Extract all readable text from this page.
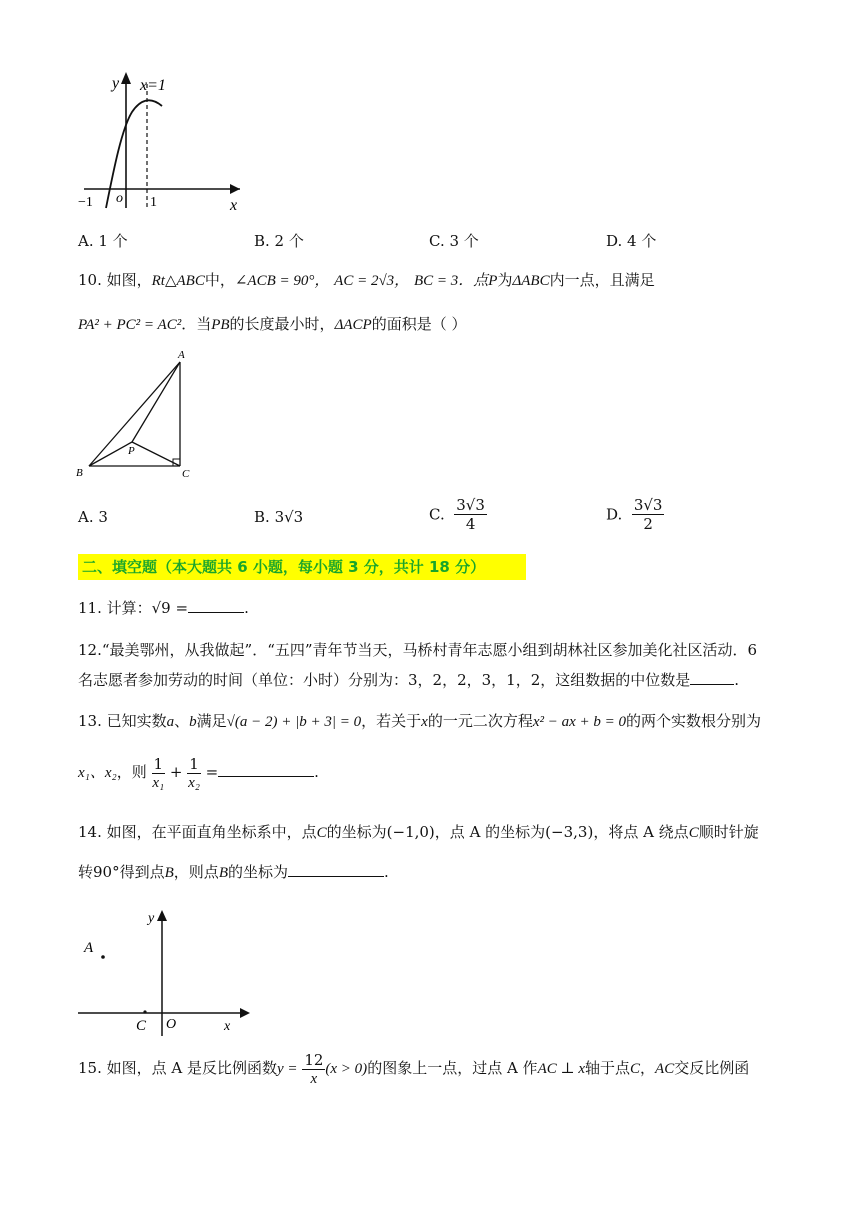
y
x
x=1
o
−1	1
A. 1 个	B. 2 个	C. 3 个	D. 4 个
10. 如图，Rt△ABC中，∠ACB = 90°， AC = 2√3， BC = 3．点P为ΔABC内一点，且满足
PA² + PC² = AC²．当PB的长度最小时，ΔACP的面积是（ ）
A
B	C
P
A. 3	B. 3√3	C. $\frac{3√3}{4}$	D. $\frac{3√3}{2}$
二、填空题（本大题共 6 小题，每小题 3 分，共计 18 分）
11. 计算：√9 =	.
12.“最美鄂州，从我做起”．“五四”青年节当天，马桥村青年志愿小组到胡林社区参加美化社区活动．6
名志愿者参加劳动的时间（单位：小时）分别为：3，2，2，3，1，2，这组数据的中位数是	.
13. 已知实数a、b满足√(a − 2) + |b + 3| = 0，若关于x的一元二次方程x² − ax + b = 0的两个实数根分别为
x₁、x₂，则 $\frac{1}{\text{x₁}} + \frac{1}{\text{x₂}}$ =	.
14. 如图，在平面直角坐标系中，点C的坐标为(−1,0)，点 A 的坐标为(−3,3)，将点 A 绕点C顺时针旋
转90°得到点B，则点B的坐标为	.
y
x
A
C O
15. 如图，点 A 是反比例函数$y = \frac{12}{x} (x > 0)$的图象上一点，过点 A 作AC ⊥ x轴于点C，AC交反比例函
